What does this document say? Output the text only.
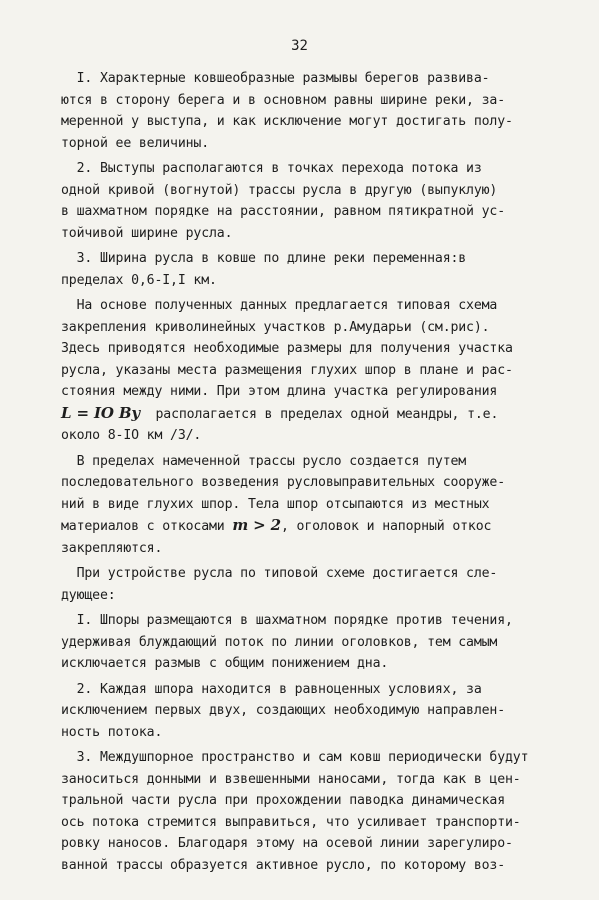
32
I. Характерные ковшеобразные размывы берегов развива-
ются в сторону берега и в основном равны ширине реки, за-
меренной у выступа, и как исключение могут достигать полу-
торной ее величины.
2. Выступы располагаются в точках перехода потока из
одной кривой (вогнутой) трассы русла в другую (выпуклую)
в шахматном порядке на расстоянии, равном пятикратной ус-
тойчивой ширине русла.
3. Ширина русла в ковше по длине реки переменная:в
пределах 0,6-I,I км.
На основе полученных данных предлагается типовая схема
закрепления криволинейных участков р.Амударьи (см.рис).
Здесь приводятся необходимые размеры для получения участка
русла, указаны места размещения глухих шпор в плане и рас-
стояния между ними. При этом длина участка регулирования
L = IO By  располагается в пределах одной меандры, т.е.
около 8-IO км /3/.
В пределах намеченной трассы русло создается путем
последовательного возведения русловыправительных сооруже-
ний в виде глухих шпор. Тела шпор отсыпаются из местных
материалов с откосами m > 2, оголовок и напорный откос
закрепляются.
При устройстве русла по типовой схеме достигается сле-
дующее:
I. Шпоры размещаются в шахматном порядке против течения,
удерживая блуждающий поток по линии оголовков, тем самым
исключается размыв с общим понижением дна.
2. Каждая шпора находится в равноценных условиях, за
исключением первых двух, создающих необходимую направлен-
ность потока.
3. Междушпорное пространство и сам ковш периодически будут
заноситься донными и взвешенными наносами, тогда как в цен-
тральной части русла при прохождении паводка динамическая
ось потока стремится выправиться, что усиливает транспорти-
ровку наносов. Благодаря этому на осевой линии зарегулиро-
ванной трассы образуется активное русло, по которому воз-
